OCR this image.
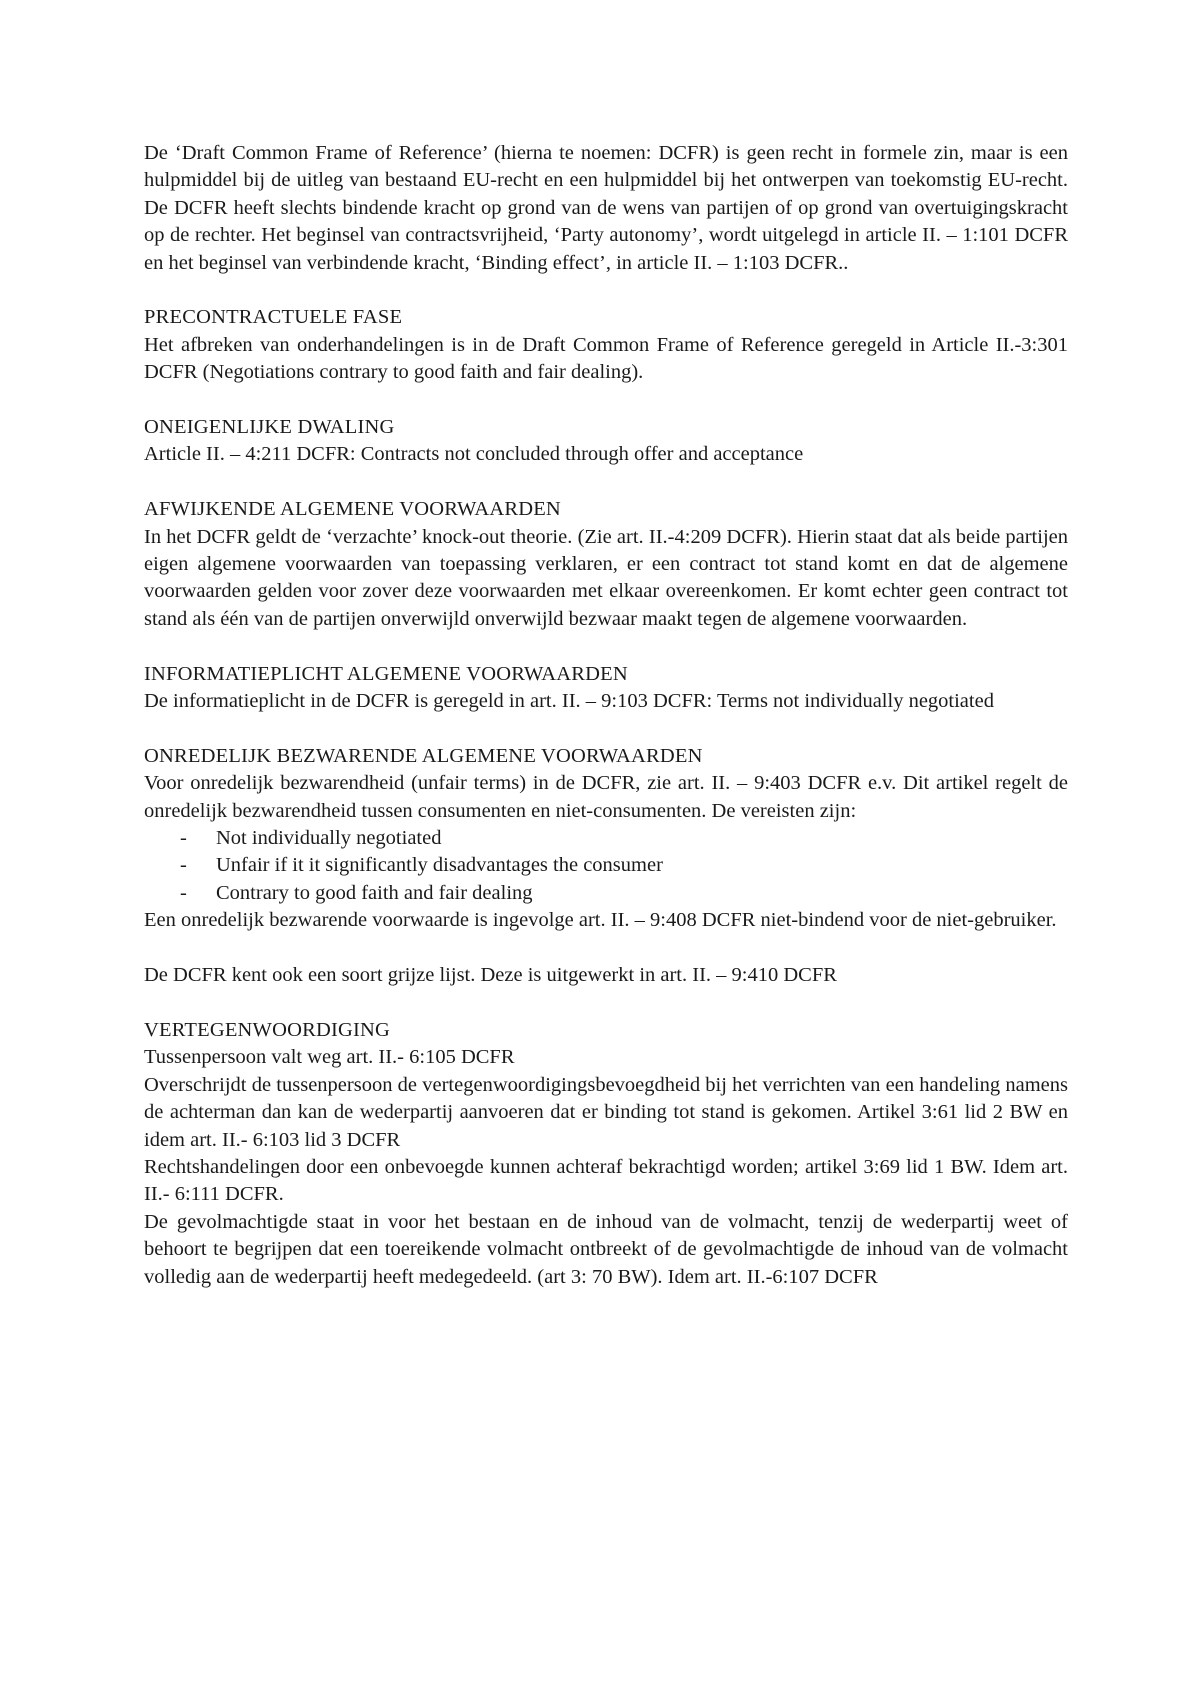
De ‘Draft Common Frame of Reference’ (hierna te noemen: DCFR) is geen recht in formele zin, maar is een hulpmiddel bij de uitleg van bestaand EU-recht en een hulpmiddel bij het ontwerpen van toekomstig EU-recht. De DCFR heeft slechts bindende kracht op grond van de wens van partijen of op grond van overtuigingskracht op de rechter. Het beginsel van contractsvrijheid, ‘Party autonomy’, wordt uitgelegd in article II. – 1:101 DCFR en het beginsel van verbindende kracht, ‘Binding effect’, in article II. – 1:103 DCFR..

PRECONTRACTUELE FASE

Het afbreken van onderhandelingen is in de Draft Common Frame of Reference geregeld in Article II.-3:301 DCFR (Negotiations contrary to good faith and fair dealing).

ONEIGENLIJKE DWALING

Article II. – 4:211 DCFR: Contracts not concluded through offer and acceptance

AFWIJKENDE ALGEMENE VOORWAARDEN

In het DCFR geldt de ‘verzachte’ knock-out theorie. (Zie art. II.-4:209 DCFR). Hierin staat dat als beide partijen eigen algemene voorwaarden van toepassing verklaren, er een contract tot stand komt en dat de algemene voorwaarden gelden voor zover deze voorwaarden met elkaar overeenkomen. Er komt echter geen contract tot stand als één van de partijen onverwijld onverwijld bezwaar maakt tegen de algemene voorwaarden.

INFORMATIEPLICHT ALGEMENE VOORWAARDEN

De informatieplicht in de DCFR is geregeld in art. II. – 9:103 DCFR: Terms not individually negotiated

ONREDELIJK BEZWARENDE ALGEMENE VOORWAARDEN

Voor onredelijk bezwarendheid (unfair terms) in de DCFR, zie art. II. – 9:403 DCFR e.v. Dit artikel regelt de onredelijk bezwarendheid tussen consumenten en niet-consumenten. De vereisten zijn:

- Not individually negotiated
- Unfair if it it significantly disadvantages the consumer
- Contrary to good faith and fair dealing

Een onredelijk bezwarende voorwaarde is ingevolge art. II. – 9:408 DCFR niet-bindend voor de niet-gebruiker.

De DCFR kent ook een soort grijze lijst. Deze is uitgewerkt in art. II. – 9:410 DCFR

VERTEGENWOORDIGING

Tussenpersoon valt weg art. II.- 6:105 DCFR

Overschrijdt de tussenpersoon de vertegenwoordigingsbevoegdheid bij het verrichten van een handeling namens de achterman dan kan de wederpartij aanvoeren dat er binding tot stand is gekomen. Artikel 3:61 lid 2 BW en idem art. II.- 6:103 lid 3 DCFR

Rechtshandelingen door een onbevoegde kunnen achteraf bekrachtigd worden; artikel 3:69 lid 1 BW. Idem art. II.- 6:111 DCFR.

De gevolmachtigde staat in voor het bestaan en de inhoud van de volmacht, tenzij de wederpartij weet of behoort te begrijpen dat een toereikende volmacht ontbreekt of de gevolmachtigde de inhoud van de volmacht volledig aan de wederpartij heeft medegedeeld. (art 3: 70 BW). Idem art. II.-6:107 DCFR
